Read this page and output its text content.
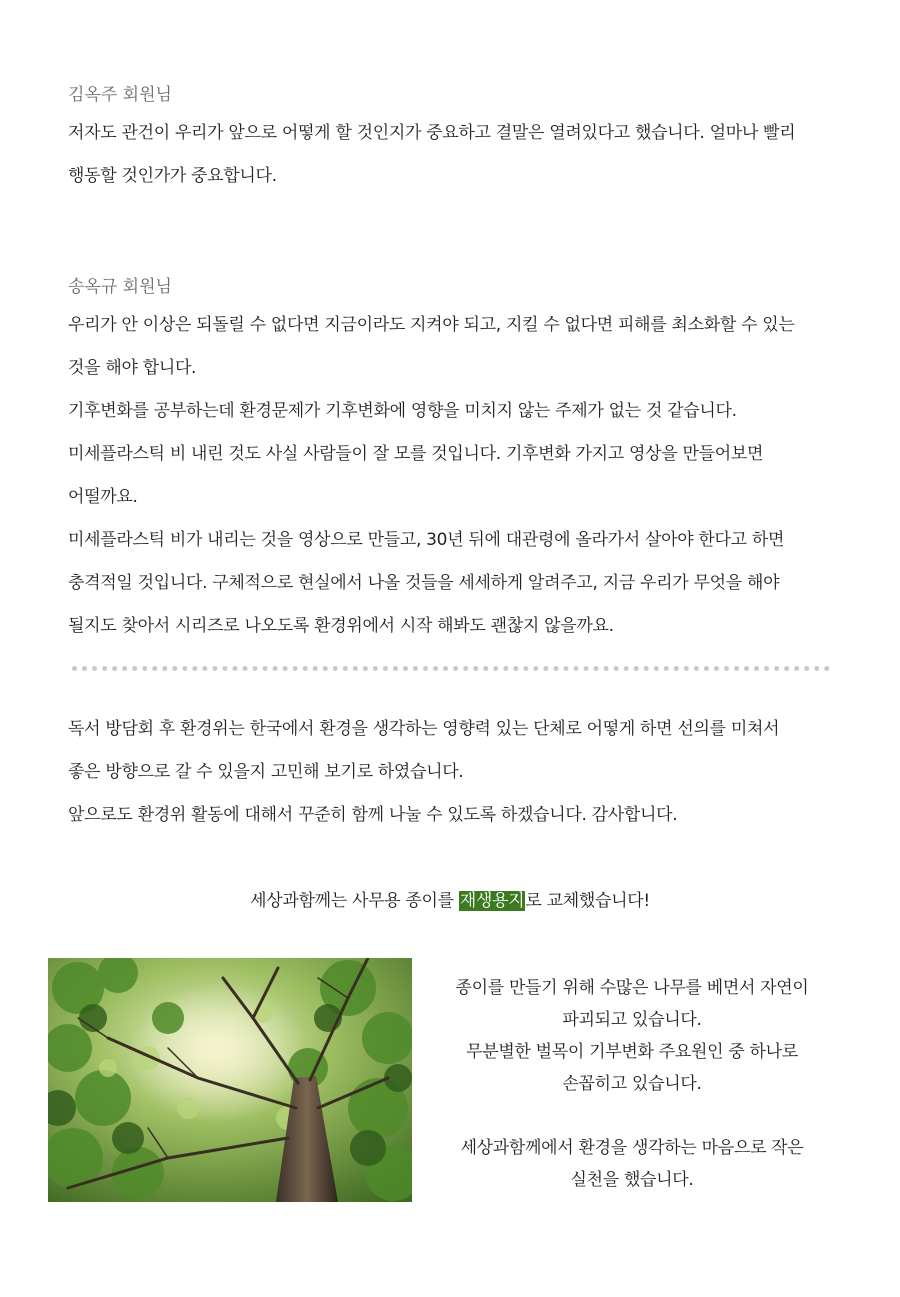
김옥주 회원님

저자도 관건이 우리가 앞으로 어떻게 할 것인지가 중요하고 결말은 열려있다고 했습니다. 얼마나 빨리

행동할 것인가가 중요합니다.

송옥규 회원님

우리가 안 이상은 되돌릴 수 없다면 지금이라도 지켜야 되고, 지킬 수 없다면 피해를 최소화할 수 있는

것을 해야 합니다.

기후변화를 공부하는데 환경문제가 기후변화에 영향을 미치지 않는 주제가 없는 것 같습니다.

미세플라스틱 비 내린 것도 사실 사람들이 잘 모를 것입니다. 기후변화 가지고 영상을 만들어보면

어떨까요.

미세플라스틱 비가 내리는 것을 영상으로 만들고, 30년 뒤에 대관령에 올라가서 살아야 한다고 하면

충격적일 것입니다. 구체적으로 현실에서 나올 것들을 세세하게 알려주고, 지금 우리가 무엇을 해야

될지도 찾아서 시리즈로 나오도록 환경위에서 시작 해봐도 괜찮지 않을까요.

독서 방담회 후 환경위는 한국에서 환경을 생각하는 영향력 있는 단체로 어떻게 하면 선의를 미쳐서

좋은 방향으로 갈 수 있을지 고민해 보기로 하였습니다.

앞으로도 환경위 활동에 대해서 꾸준히 함께 나눌 수 있도록 하겠습니다. 감사합니다.

세상과함께는 사무용 종이를 재생용지로 교체했습니다!

종이를 만들기 위해 수많은 나무를 베면서 자연이

파괴되고 있습니다.

무분별한 벌목이 기부변화 주요원인 중 하나로

손꼽히고 있습니다.

세상과함께에서 환경을 생각하는 마음으로 작은

실천을 했습니다.
